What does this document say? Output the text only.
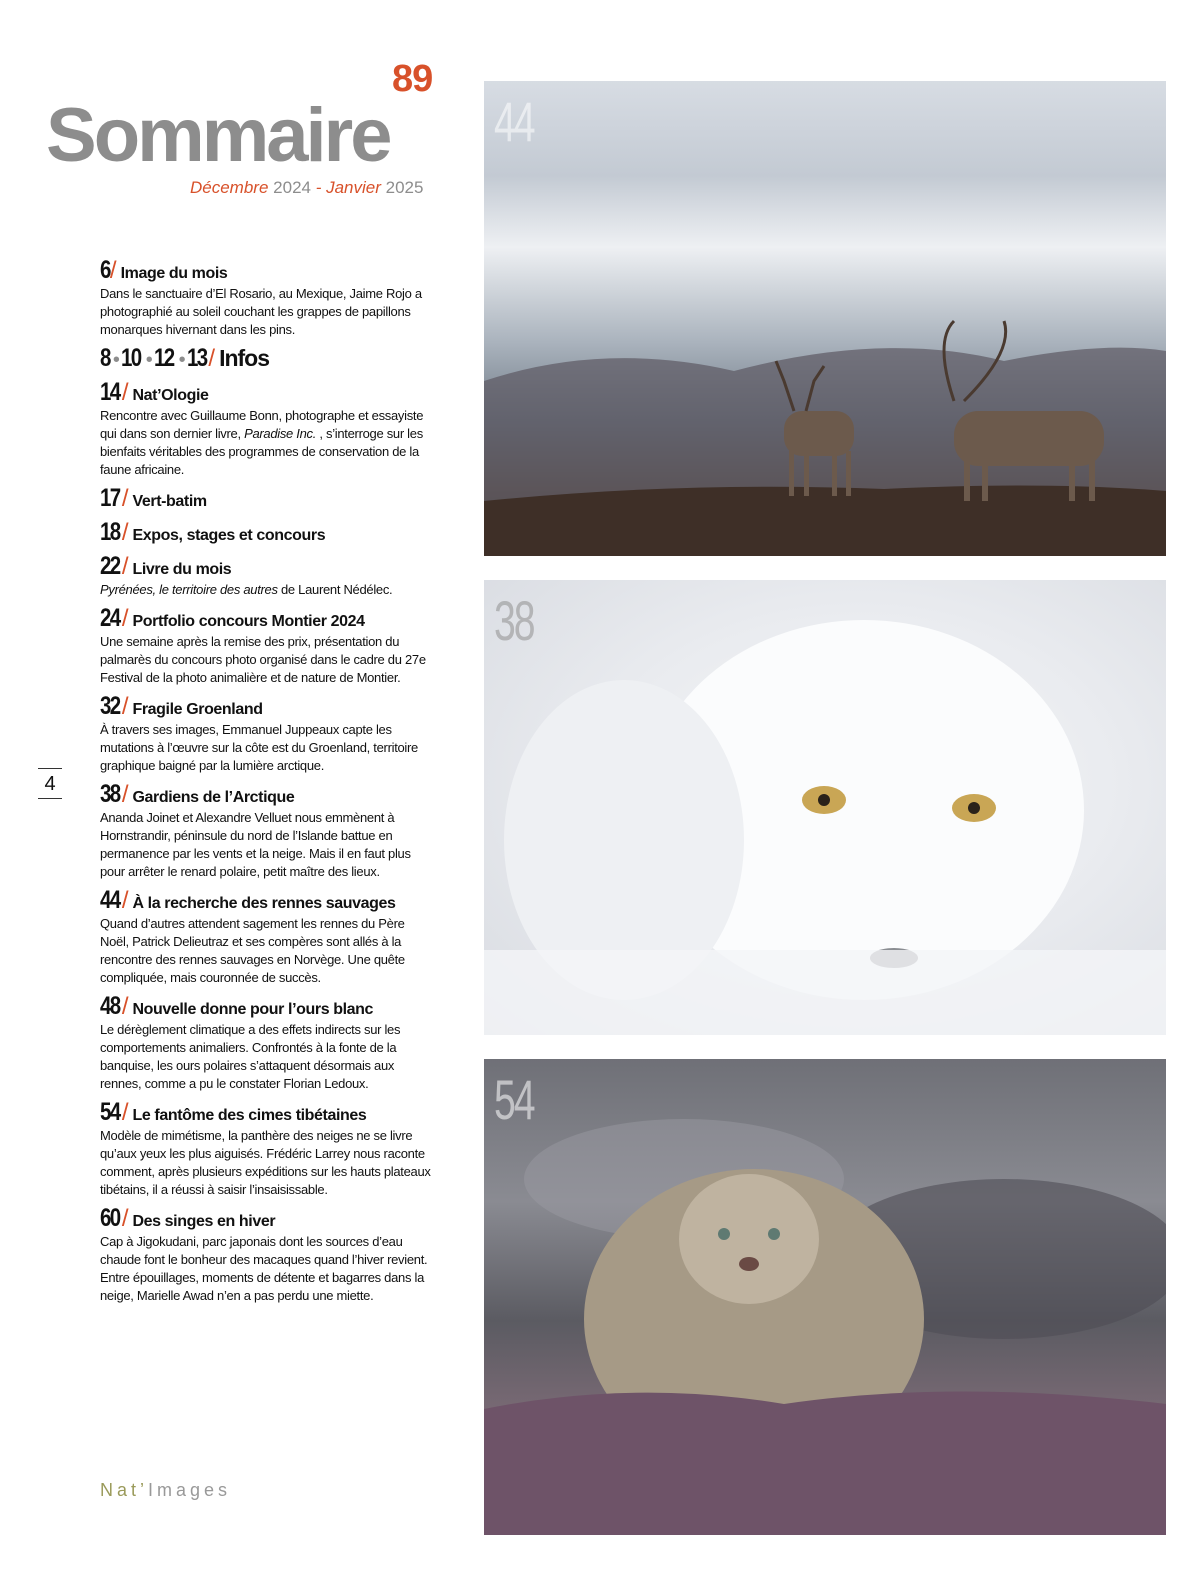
89
Sommaire
Décembre 2024 - Janvier 2025
6 / Image du mois
Dans le sanctuaire d’El Rosario, au Mexique, Jaime Rojo a photographié au soleil couchant les grappes de papillons monarques hivernant dans les pins.
8 • 10 • 12 • 13 / Infos
14 / Nat’Ologie
Rencontre avec Guillaume Bonn, photographe et essayiste qui dans son dernier livre, Paradise Inc. , s’interroge sur les bienfaits véritables des programmes de conservation de la faune africaine.
17 / Vert-batim
18 / Expos, stages et concours
22 / Livre du mois
Pyrénées, le territoire des autres de Laurent Nédélec.
24 / Portfolio concours Montier 2024
Une semaine après la remise des prix, présentation du palmarès du concours photo organisé dans le cadre du 27e Festival de la photo animalière et de nature de Montier.
32 / Fragile Groenland
À travers ses images, Emmanuel Juppeaux capte les mutations à l’œuvre sur la côte est du Groenland, territoire graphique baigné par la lumière arctique.
38 / Gardiens de l’Arctique
Ananda Joinet et Alexandre Velluet nous emmènent à Hornstrandir, péninsule du nord de l’Islande battue en permanence par les vents et la neige. Mais il en faut plus pour arrêter le renard polaire, petit maître des lieux.
44 / À la recherche des rennes sauvages
Quand d’autres attendent sagement les rennes du Père Noël, Patrick Delieutraz et ses compères sont allés à la rencontre des rennes sauvages en Norvège. Une quête compliquée, mais couronnée de succès.
48 / Nouvelle donne pour l’ours blanc
Le dérèglement climatique a des effets indirects sur les comportements animaliers. Confrontés à la fonte de la banquise, les ours polaires s’attaquent désormais aux rennes, comme a pu le constater Florian Ledoux.
54 / Le fantôme des cimes tibétaines
Modèle de mimétisme, la panthère des neiges ne se livre qu’aux yeux les plus aiguisés. Frédéric Larrey nous raconte comment, après plusieurs expéditions sur les hauts plateaux tibétains, il a réussi à saisir l’insaisissable.
60 / Des singes en hiver
Cap à Jigokudani, parc japonais dont les sources d’eau chaude font le bonheur des macaques quand l’hiver revient. Entre épouillages, moments de détente et bagarres dans la neige, Marielle Awad n’en a pas perdu une miette.
4
Nat’Images
44
38
54
